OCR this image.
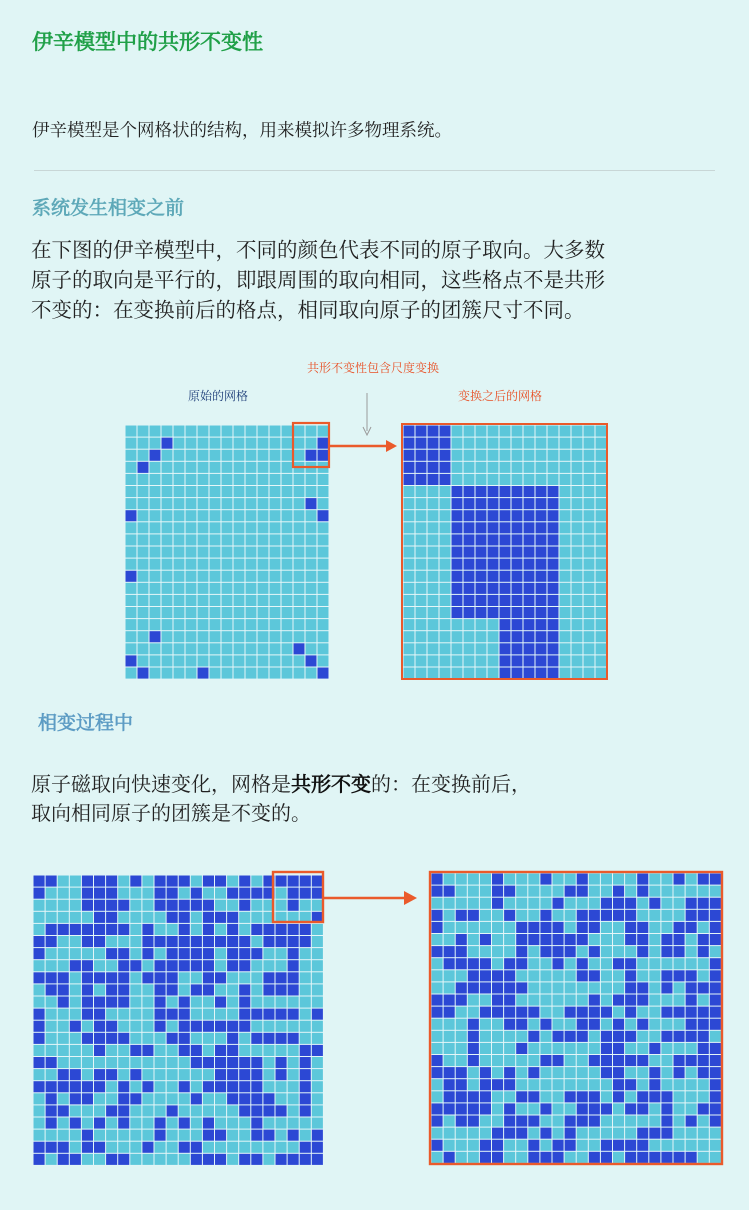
伊辛模型中的共形不变性
伊辛模型是个网格状的结构，用来模拟许多物理系统。
系统发生相变之前
在下图的伊辛模型中，不同的颜色代表不同的原子取向。大多数
原子的取向是平行的，即跟周围的取向相同，这些格点不是共形
不变的：在变换前后的格点，相同取向原子的团簇尺寸不同。
原始的网格
共形不变性包含尺度变换
变换之后的网格
相变过程中
原子磁取向快速变化，网格是共形不变的：在变换前后，
取向相同原子的团簇是不变的。
